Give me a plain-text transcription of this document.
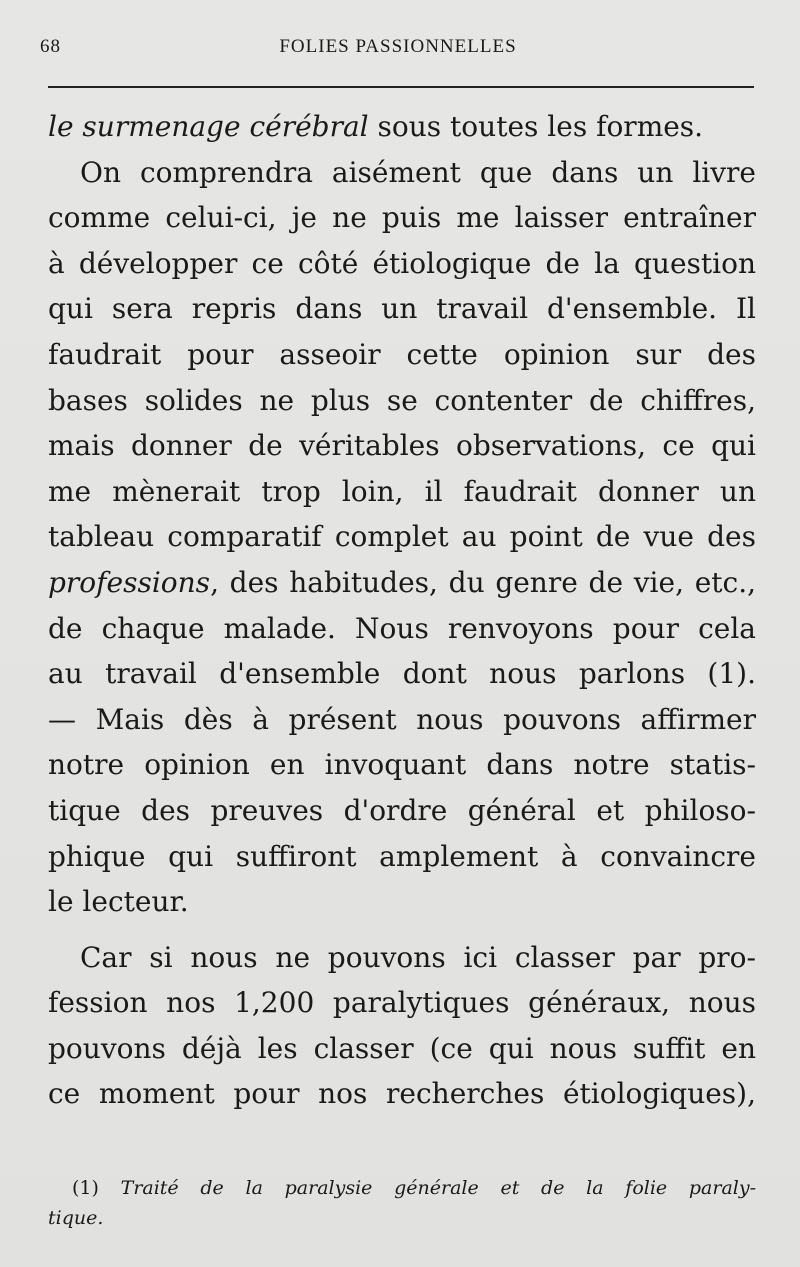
68	FOLIES PASSIONNELLES
le surmenage cérébral sous toutes les formes.
On comprendra aisément que dans un livre
comme celui-ci, je ne puis me laisser entraîner
à développer ce côté étiologique de la question
qui sera repris dans un travail d'ensemble. Il
faudrait pour asseoir cette opinion sur des
bases solides ne plus se contenter de chiffres,
mais donner de véritables observations, ce qui
me mènerait trop loin, il faudrait donner un
tableau comparatif complet au point de vue des
professions, des habitudes, du genre de vie, etc.,
de chaque malade. Nous renvoyons pour cela
au travail d'ensemble dont nous parlons (1).
— Mais dès à présent nous pouvons affirmer
notre opinion en invoquant dans notre statis-
tique des preuves d'ordre général et philoso-
phique qui suffiront amplement à convaincre
le lecteur.
Car si nous ne pouvons ici classer par pro-
fession nos 1,200 paralytiques généraux, nous
pouvons déjà les classer (ce qui nous suffit en
ce moment pour nos recherches étiologiques),
(1) Traité de la paralysie générale et de la folie paraly-
tique.
